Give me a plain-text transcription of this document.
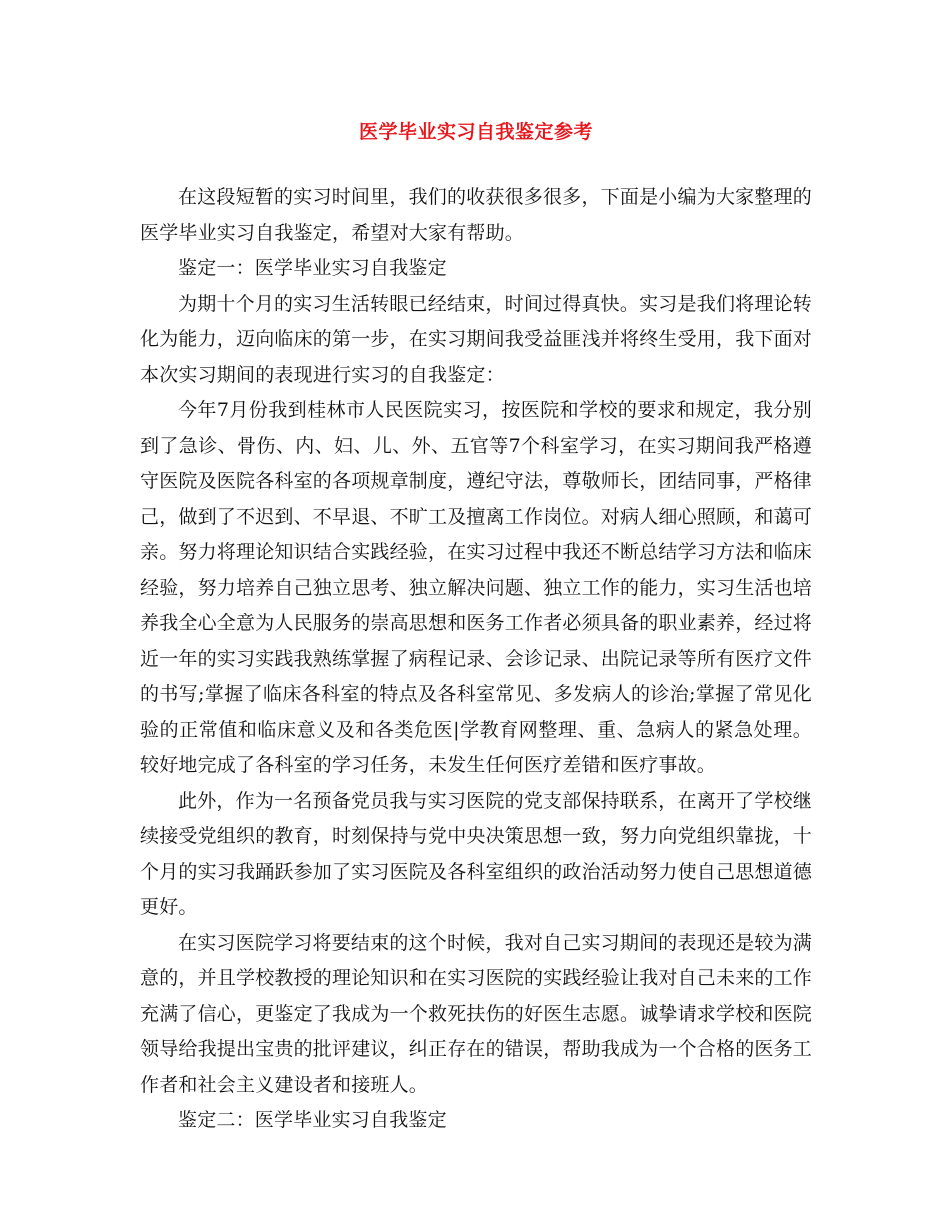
医学毕业实习自我鉴定参考

在这段短暂的实习时间里，我们的收获很多很多，下面是小编为大家整理的医学毕业实习自我鉴定，希望对大家有帮助。

鉴定一：医学毕业实习自我鉴定

为期十个月的实习生活转眼已经结束，时间过得真快。实习是我们将理论转化为能力，迈向临床的第一步，在实习期间我受益匪浅并将终生受用，我下面对本次实习期间的表现进行实习的自我鉴定：

今年7月份我到桂林市人民医院实习，按医院和学校的要求和规定，我分别到了急诊、骨伤、内、妇、儿、外、五官等7个科室学习，在实习期间我严格遵守医院及医院各科室的各项规章制度，遵纪守法，尊敬师长，团结同事，严格律己，做到了不迟到、不早退、不旷工及擅离工作岗位。对病人细心照顾，和蔼可亲。努力将理论知识结合实践经验，在实习过程中我还不断总结学习方法和临床经验，努力培养自己独立思考、独立解决问题、独立工作的能力，实习生活也培养我全心全意为人民服务的崇高思想和医务工作者必须具备的职业素养，经过将近一年的实习实践我熟练掌握了病程记录、会诊记录、出院记录等所有医疗文件的书写;掌握了临床各科室的特点及各科室常见、多发病人的诊治;掌握了常见化验的正常值和临床意义及和各类危医|学教育网整理、重、急病人的紧急处理。较好地完成了各科室的学习任务，未发生任何医疗差错和医疗事故。

此外，作为一名预备党员我与实习医院的党支部保持联系，在离开了学校继续接受党组织的教育，时刻保持与党中央决策思想一致，努力向党组织靠拢，十个月的实习我踊跃参加了实习医院及各科室组织的政治活动努力使自己思想道德更好。

在实习医院学习将要结束的这个时候，我对自己实习期间的表现还是较为满意的，并且学校教授的理论知识和在实习医院的实践经验让我对自己未来的工作充满了信心，更鉴定了我成为一个救死扶伤的好医生志愿。诚挚请求学校和医院领导给我提出宝贵的批评建议，纠正存在的错误，帮助我成为一个合格的医务工作者和社会主义建设者和接班人。

鉴定二：医学毕业实习自我鉴定
